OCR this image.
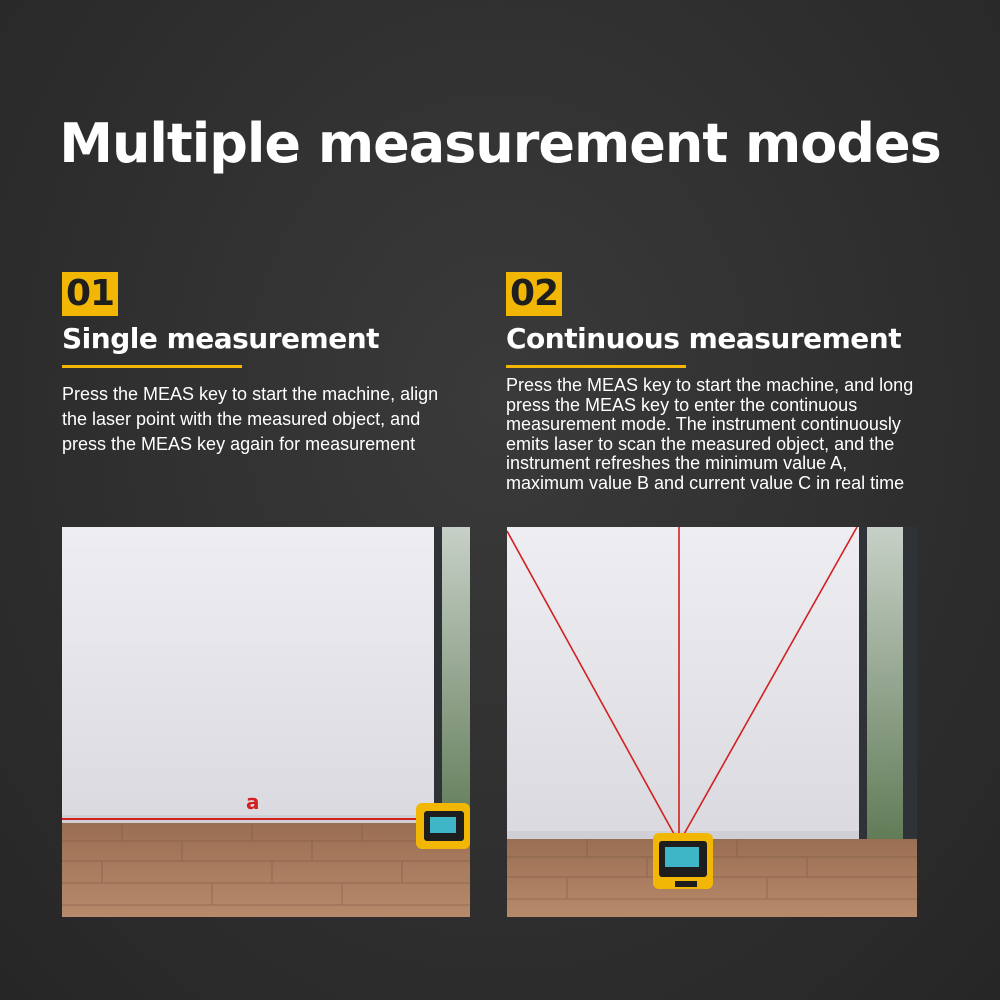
Multiple measurement modes
01
Single measurement
Press the MEAS key to start the machine, align the laser point with the measured object, and press the MEAS key again for measurement
02
Continuous measurement
Press the MEAS key to start the machine, and long press the MEAS key to enter the continuous measurement mode. The instrument continuously emits laser to scan the measured object, and the instrument refreshes the minimum value A, maximum value B and current value C in real time
a
